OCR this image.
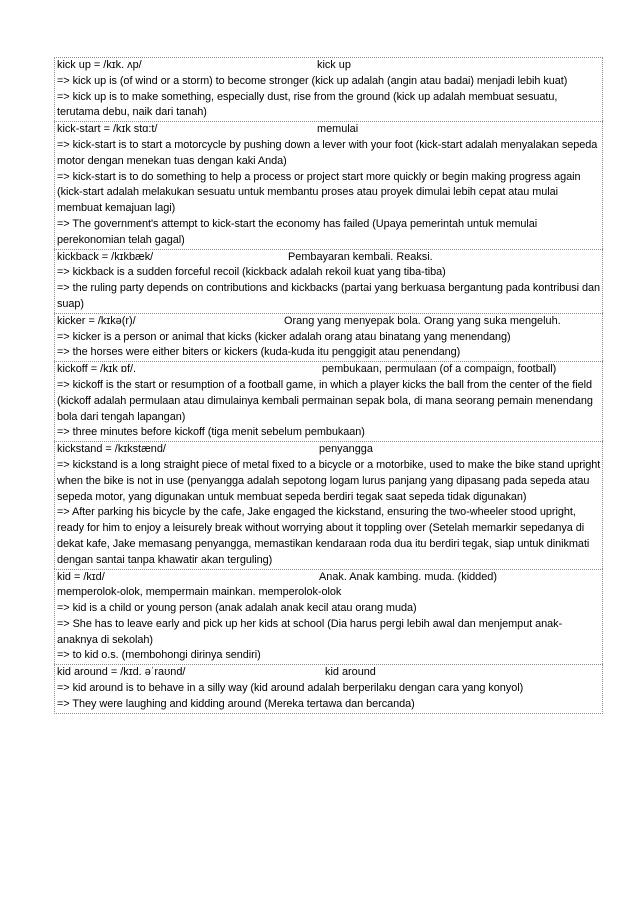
kick up = /kɪk. ʌp/	kick up
=> kick up is (of wind or a storm) to become stronger (kick up adalah (angin atau badai) menjadi lebih kuat)
=> kick up is to make something, especially dust, rise from the ground (kick up adalah membuat sesuatu, terutama debu, naik dari tanah)
kick-start = /kɪk stɑ:t/	memulai
=> kick-start is to start a motorcycle by pushing down a lever with your foot (kick-start adalah menyalakan sepeda motor dengan menekan tuas dengan kaki Anda)
=> kick-start is to do something to help a process or project start more quickly or begin making progress again (kick-start adalah melakukan sesuatu untuk membantu proses atau proyek dimulai lebih cepat atau mulai membuat kemajuan lagi)
=> The government's attempt to kick-start the economy has failed (Upaya pemerintah untuk memulai perekonomian telah gagal)
kickback = /kɪkbæk/	Pembayaran kembali. Reaksi.
=> kickback is a sudden forceful recoil (kickback adalah rekoil kuat yang tiba-tiba)
=> the ruling party depends on contributions and kickbacks (partai yang berkuasa bergantung pada kontribusi dan suap)
kicker = /kɪkə(r)/	Orang yang menyepak bola. Orang yang suka mengeluh.
=> kicker is a person or animal that kicks (kicker adalah orang atau binatang yang menendang)
=> the horses were either biters or kickers (kuda-kuda itu penggigit atau penendang)
kickoff = /kɪk ɒf/.	pembukaan, permulaan (of a compaign, football)
=> kickoff is the start or resumption of a football game, in which a player kicks the ball from the center of the field (kickoff adalah permulaan atau dimulainya kembali permainan sepak bola, di mana seorang pemain menendang bola dari tengah lapangan)
=> three minutes before kickoff (tiga menit sebelum pembukaan)
kickstand = /kɪkstænd/	penyangga
=> kickstand is a long straight piece of metal fixed to a bicycle or a motorbike, used to make the bike stand upright when the bike is not in use (penyangga adalah sepotong logam lurus panjang yang dipasang pada sepeda atau sepeda motor, yang digunakan untuk membuat sepeda berdiri tegak saat sepeda tidak digunakan)
=> After parking his bicycle by the cafe, Jake engaged the kickstand, ensuring the two-wheeler stood upright, ready for him to enjoy a leisurely break without worrying about it toppling over (Setelah memarkir sepedanya di dekat kafe, Jake memasang penyangga, memastikan kendaraan roda dua itu berdiri tegak, siap untuk dinikmati dengan santai tanpa khawatir akan terguling)
kid = /kɪd/	Anak. Anak kambing. muda. (kidded)
memperolok-olok, mempermain mainkan. memperolok-olok
=> kid is a child or young person (anak adalah anak kecil atau orang muda)
=> She has to leave early and pick up her kids at school (Dia harus pergi lebih awal dan menjemput anak-anaknya di sekolah)
=> to kid o.s. (membohongi dirinya sendiri)
kid around = /kɪd. əˈraʊnd/	kid around
=> kid around is to behave in a silly way (kid around adalah berperilaku dengan cara yang konyol)
=> They were laughing and kidding around (Mereka tertawa dan bercanda)
